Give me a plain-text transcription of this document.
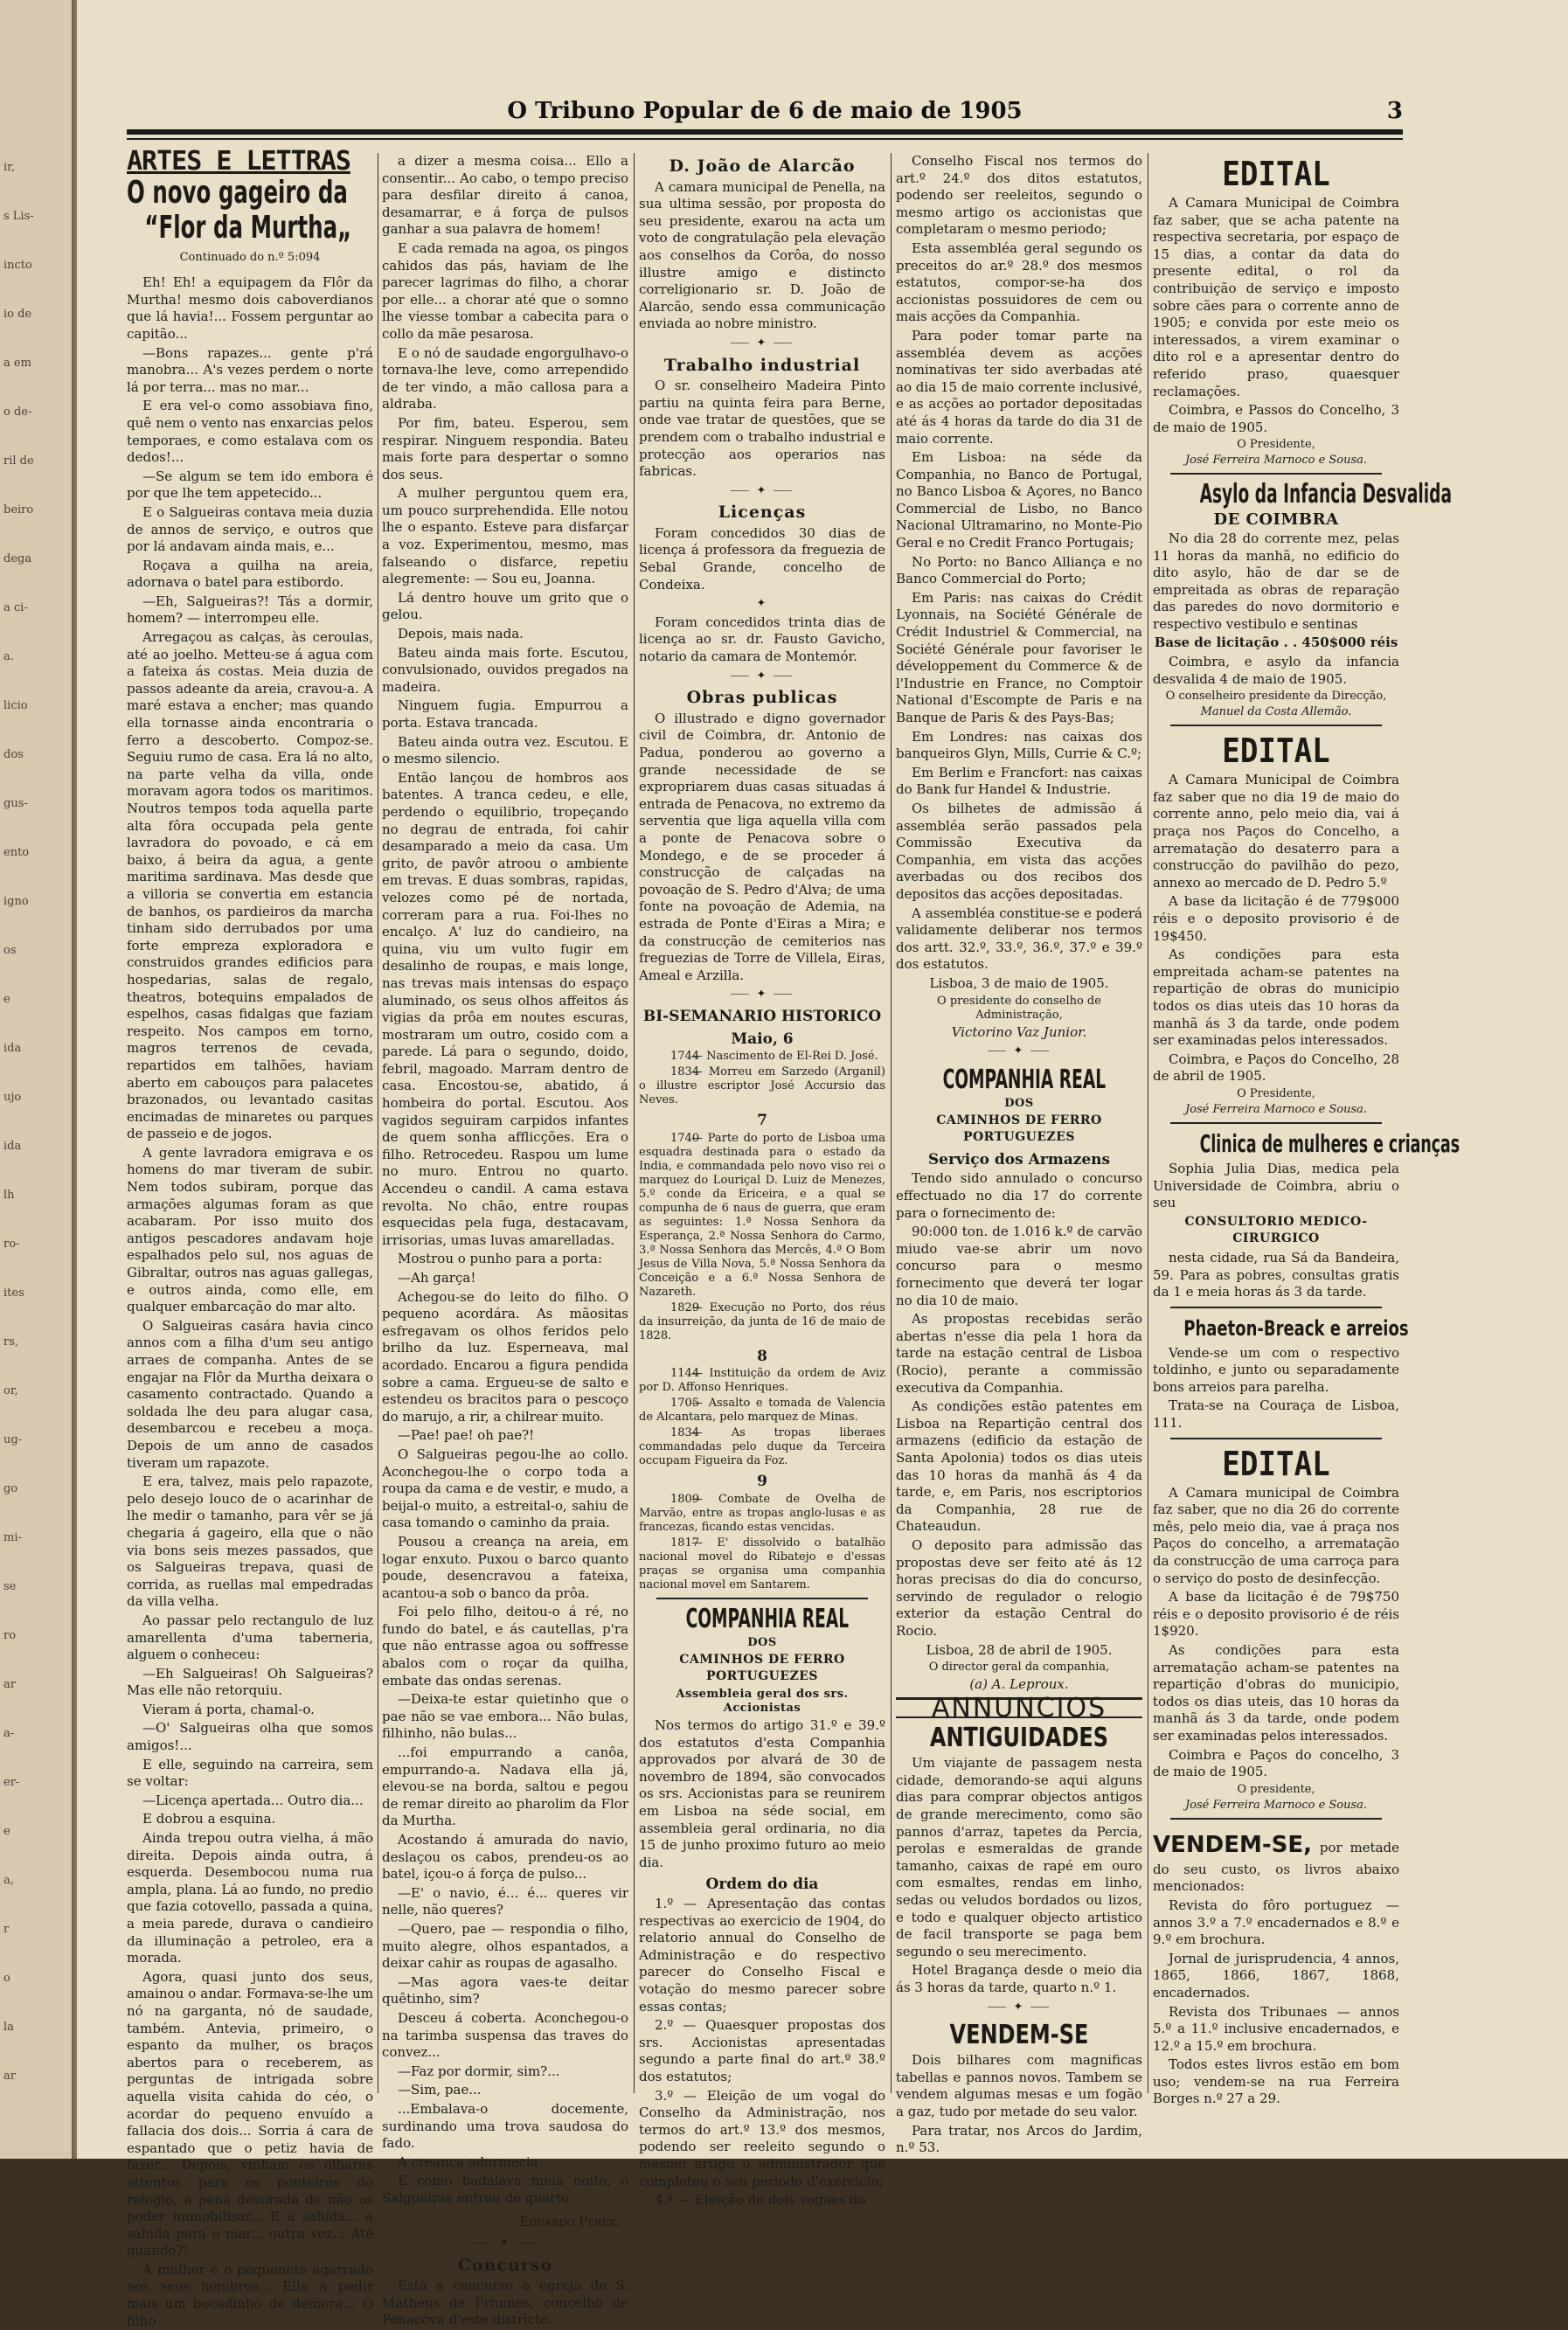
ir,
s Lis-
incto
io de
a em
o de-
ril de
beiro
dega
a ci-
a.
licio
dos
gus-
ento
igno
os
e
ida
ujo
ida
lh
ro-
ites
rs,
or,
ug-
go
mi-
se
ro
ar
a-
er-
e
a,
r
o
la
ar
O Tribuno Popular de 6 de maio de 1905	3
ARTES E LETTRAS
O novo gageiro da
“Flor da Murtha„
Continuado do n.º 5:094

Eh! Eh! a equipagem da Flôr da Murtha! mesmo dois caboverdianos que lá havia!... Fossem perguntar ao capitão...

—Bons rapazes... gente p'rá manobra... A's vezes perdem o norte lá por terra... mas no mar...

E era vel-o como assobiava fino, quê nem o vento nas enxarcias pelos temporaes, e como estalava com os dedos!...

—Se algum se tem ido embora é por que lhe tem appetecido...

E o Salgueiras contava meia duzia de annos de serviço, e outros que por lá andavam ainda mais, e...

Roçava a quilha na areia, adornava o batel para estibordo.

—Eh, Salgueiras?! Tás a dormir, homem? — interrompeu elle.

Arregaçou as calças, às ceroulas, até ao joelho. Metteu-se á agua com a fateixa ás costas. Meia duzia de passos adeante da areia, cravou-a. A maré estava a encher; mas quando ella tornasse ainda encontraria o ferro a descoberto. Compoz-se. Seguiu rumo de casa. Era lá no alto, na parte velha da villa, onde moravam agora todos os maritimos. Noutros tempos toda aquella parte alta fôra occupada pela gente lavradora do povoado, e cá em baixo, á beira da agua, a gente maritima sardinava. Mas desde que a villoria se convertia em estancia de banhos, os pardieiros da marcha tinham sido derrubados por uma forte empreza exploradora e construidos grandes edificios para hospedarias, salas de regalo, theatros, botequins empalados de espelhos, casas fidalgas que faziam respeito. Nos campos em torno, magros terrenos de cevada, repartidos em talhões, haviam aberto em cabouços para palacetes brazonados, ou levantado casitas encimadas de minaretes ou parques de passeio e de jogos.

A gente lavradora emigrava e os homens do mar tiveram de subir. Nem todos subiram, porque das armações algumas foram as que acabaram. Por isso muito dos antigos pescadores andavam hoje espalhados pelo sul, nos aguas de Gibraltar, outros nas aguas gallegas, e outros ainda, como elle, em qualquer embarcação do mar alto.

O Salgueiras casára havia cinco annos com a filha d'um seu antigo arraes de companha. Antes de se engajar na Flôr da Murtha deixara o casamento contractado. Quando a soldada lhe deu para alugar casa, desembarcou e recebeu a moça. Depois de um anno de casados tiveram um rapazote.

E era, talvez, mais pelo rapazote, pelo desejo louco de o acarinhar de lhe medir o tamanho, para vêr se já chegaria á gageiro, ella que o não via bons seis mezes passados, que os Salgueiras trepava, quasi de corrida, as ruellas mal empedradas da villa velha.

Ao passar pelo rectangulo de luz amarellenta d'uma taberneria, alguem o conheceu:

—Eh Salgueiras! Oh Salgueiras? Mas elle não retorquiu.

Vieram á porta, chamal-o.

—O' Salgueiras olha que somos amigos!...

E elle, seguindo na carreira, sem se voltar:

—Licença apertada... Outro dia...

E dobrou a esquina.

Ainda trepou outra vielha, á mão direita. Depois ainda outra, á esquerda. Desembocou numa rua ampla, plana. Lá ao fundo, no predio que fazia cotovello, passada a quina, a meia parede, durava o candieiro da illuminação a petroleo, era a morada.

Agora, quasi junto dos seus, amainou o andar. Formava-se-lhe um nó na garganta, nó de saudade, também. Antevia, primeiro, o espanto da mulher, os braços abertos para o receberem, as perguntas de intrigada sobre aquella visita cahida do céo, o acordar do pequeno envuído a fallacia dos dois... Sorria á cara de espantado que o petiz havia de fazer... Depois, vinham os olhares attentos para os ponteiros do relogio, a pena devorada de não os poder immobilisar... E a sahida... a sahida para o mar... outra vez... Até quando?!

A mulher e o pequenete agarrado aos seus hombros... Ella a pedir mais um bocadinho de demora... O filho

a dizer a mesma coisa... Ello a consentir... Ao cabo, o tempo preciso para desfilar direito á canoa, desamarrar, e á força de pulsos ganhar a sua palavra de homem!

E cada remada na agoa, os pingos cahidos das pás, haviam de lhe parecer lagrimas do filho, a chorar por elle... a chorar até que o somno lhe viesse tombar a cabecita para o collo da mãe pesarosa.

E o nó de saudade engorgulhavo-o tornava-lhe leve, como arrependido de ter vindo, a mão callosa para a aldraba.

Por fim, bateu. Esperou, sem respirar. Ninguem respondia. Bateu mais forte para despertar o somno dos seus.

A mulher perguntou quem era, um pouco surprehendida. Elle notou lhe o espanto. Esteve para disfarçar a voz. Experimentou, mesmo, mas falseando o disfarce, repetiu alegremente: — Sou eu, Joanna.

Lá dentro houve um grito que o gelou.

Depois, mais nada.

Bateu ainda mais forte. Escutou, convulsionado, ouvidos pregados na madeira.

Ninguem fugia. Empurrou a porta. Estava trancada.

Bateu ainda outra vez. Escutou. E o mesmo silencio.

Então lançou de hombros aos batentes. A tranca cedeu, e elle, perdendo o equilibrio, tropeçando no degrau de entrada, foi cahir desamparado a meio da casa. Um grito, de pavôr atroou o ambiente em trevas. E duas sombras, rapidas, velozes como pé de nortada, correram para a rua. Foi-lhes no encalço. A' luz do candieiro, na quina, viu um vulto fugir em desalinho de roupas, e mais longe, nas trevas mais intensas do espaço aluminado, os seus olhos affeitos ás vigias da prôa em noutes escuras, mostraram um outro, cosido com a parede. Lá para o segundo, doido, febril, magoado. Marram dentro de casa. Encostou-se, abatido, á hombeira do portal. Escutou. Aos vagidos seguiram carpidos infantes de quem sonha afflicções. Era o filho. Retrocedeu. Raspou um lume no muro. Entrou no quarto. Accendeu o candil. A cama estava revolta. No chão, entre roupas esquecidas pela fuga, destacavam, irrisorias, umas luvas amarelladas.

Mostrou o punho para a porta:

—Ah garça!

Achegou-se do leito do filho. O pequeno acordára. As mãositas esfregavam os olhos feridos pelo brilho da luz. Esperneava, mal acordado. Encarou a figura pendida sobre a cama. Ergueu-se de salto e estendeu os bracitos para o pescoço do marujo, a rir, a chilrear muito.

—Pae! pae! oh pae?!

O Salgueiras pegou-lhe ao collo. Aconchegou-lhe o corpo toda a roupa da cama e de vestir, e mudo, a beijal-o muito, a estreital-o, sahiu de casa tomando o caminho da praia.

Pousou a creança na areia, em logar enxuto. Puxou o barco quanto poude, desencravou a fateixa, acantou-a sob o banco da prôa.

Foi pelo filho, deitou-o á ré, no fundo do batel, e ás cautellas, p'ra que não entrasse agoa ou soffresse abalos com o roçar da quilha, embate das ondas serenas.

—Deixa-te estar quietinho que o pae não se vae embora... Não bulas, filhinho, não bulas...

...foi empurrando a canôa, empurrando-a. Nadava ella já, elevou-se na borda, saltou e pegou de remar direito ao pharolim da Flor da Murtha.

Acostando á amurada do navio, deslaçou os cabos, prendeu-os ao batel, içou-o á força de pulso...

—E' o navio, é... é... queres vir nelle, não queres?

—Quero, pae — respondia o filho, muito alegre, olhos espantados, a deixar cahir as roupas de agasalho.

—Mas agora vaes-te deitar quêtinho, sim?

Desceu á coberta. Aconchegou-o na tarimba suspensa das traves do convez...

—Faz por dormir, sim?...

—Sim, pae...

...Embalava-o docemente, surdinando uma trova saudosa do fado.

A creança adormecia.

E como badalava meia noite, o Salgueiras entrou de quarto.

Eduardo Perez.
⸺ ✦ ⸺
Concurso

Está a concurso a egreja de S. Matheus de Friumes, concelho de Penacova d'este districto.

D. João de Alarcão

A camara municipal de Penella, na sua ultima sessão, por proposta do seu presidente, exarou na acta um voto de congratulação pela elevação aos conselhos da Corôa, do nosso illustre amigo e distincto correligionario sr. D. João de Alarcão, sendo essa communicação enviada ao nobre ministro.

⸺ ✦ ⸺
Trabalho industrial

O sr. conselheiro Madeira Pinto partiu na quinta feira para Berne, onde vae tratar de questões, que se prendem com o trabalho industrial e protecção aos operarios nas fabricas.

⸺ ✦ ⸺
Licenças

Foram concedidos 30 dias de licença á professora da freguezia de Sebal Grande, concelho de Condeixa.

✦

Foram concedidos trinta dias de licença ao sr. dr. Fausto Gavicho, notario da camara de Montemór.

⸺ ✦ ⸺
Obras publicas

O illustrado e digno governador civil de Coimbra, dr. Antonio de Padua, ponderou ao governo a grande necessidade de se expropriarem duas casas situadas á entrada de Penacova, no extremo da serventia que liga aquella villa com a ponte de Penacova sobre o Mondego, e de se proceder á construcção de calçadas na povoação de S. Pedro d'Alva; de uma fonte na povoação de Ademia, na estrada de Ponte d'Eiras a Mira; e da construcção de cemiterios nas freguezias de Torre de Villela, Eiras, Ameal e Arzilla.

⸺ ✦ ⸺
BI-SEMANARIO HISTORICO
Maio, 6

1744— Nascimento de El-Rei D. José.

1834— Morreu em Sarzedo (Arganil) o illustre escriptor José Accursio das Neves.

7

1740— Parte do porto de Lisboa uma esquadra destinada para o estado da India, e commandada pelo novo viso rei o marquez do Louriçal D. Luiz de Menezes, 5.º conde da Ericeira, e a qual se compunha de 6 naus de guerra, que eram as seguintes: 1.ª Nossa Senhora da Esperança, 2.ª Nossa Senhora do Carmo, 3.ª Nossa Senhora das Mercês, 4.ª O Bom Jesus de Villa Nova, 5.ª Nossa Senhora da Conceição e a 6.ª Nossa Senhora de Nazareth.

1829— Execução no Porto, dos réus da insurreição, da junta de 16 de maio de 1828.

8

1144— Instituição da ordem de Aviz por D. Affonso Henriques.

1705— Assalto e tomada de Valencia de Alcantara, pelo marquez de Minas.

1834— As tropas liberaes commandadas pelo duque da Terceira occupam Figueira da Foz.

9

1809— Combate de Ovelha de Marvão, entre as tropas anglo-lusas e as francezas, ficando estas vencidas.

1817— E' dissolvido o batalhão nacional movel do Ribatejo e d'essas praças se organisa uma companhia nacional movel em Santarem.

COMPANHIA REAL
DOS
CAMINHOS DE FERRO PORTUGUEZES
Assembleia geral dos srs. Accionistas

Nos termos do artigo 31.º e 39.º dos estatutos d'esta Companhia approvados por alvará de 30 de novembro de 1894, são convocados os srs. Accionistas para se reunirem em Lisboa na séde social, em assembleia geral ordinaria, no dia 15 de junho proximo futuro ao meio dia.

Ordem do dia

1.º — Apresentação das contas respectivas ao exercicio de 1904, do relatorio annual do Conselho de Administração e do respectivo parecer do Conselho Fiscal e votação do mesmo parecer sobre essas contas;

2.º — Quaesquer propostas dos srs. Accionistas apresentadas segundo a parte final do art.º 38.º dos estatutos;

3.º — Eleição de um vogal do Conselho da Administração, nos termos do art.º 13.º dos mesmos, podendo ser reeleito segundo o mesmo artigo o administrador que completou o seu periodo d'exercicio;

4.º — Eleição de dois vogaes do

Conselho Fiscal nos termos do art.º 24.º dos ditos estatutos, podendo ser reeleitos, segundo o mesmo artigo os accionistas que completaram o mesmo periodo;

Esta assembléa geral segundo os preceitos do ar.º 28.º dos mesmos estatutos, compor-se-ha dos accionistas possuidores de cem ou mais acções da Companhia.

Para poder tomar parte na assembléa devem as acções nominativas ter sido averbadas até ao dia 15 de maio corrente inclusivé, e as acções ao portador depositadas até ás 4 horas da tarde do dia 31 de maio corrente.

Em Lisboa: na séde da Companhia, no Banco de Portugal, no Banco Lisboa & Açores, no Banco Commercial de Lisbo, no Banco Nacional Ultramarino, no Monte-Pio Geral e no Credit Franco Portugais;

No Porto: no Banco Alliança e no Banco Commercial do Porto;

Em Paris: nas caixas do Crédit Lyonnais, na Société Générale de Crédit Industriel & Commercial, na Société Générale pour favoriser le développement du Commerce & de l'Industrie en France, no Comptoir National d'Escompte de Paris e na Banque de Paris & des Pays-Bas;

Em Londres: nas caixas dos banqueiros Glyn, Mills, Currie & C.º;

Em Berlim e Francfort: nas caixas do Bank fur Handel & Industrie.

Os bilhetes de admissão á assembléa serão passados pela Commissão Executiva da Companhia, em vista das acções averbadas ou dos recibos dos depositos das acções depositadas.

A assembléa constitue-se e poderá validamente deliberar nos termos dos artt. 32.º, 33.º, 36.º, 37.º e 39.º dos estatutos.

Lisboa, 3 de maio de 1905.

O presidente do conselho de Administração,

Victorino Vaz Junior.

⸺ ✦ ⸺
COMPANHIA REAL
DOS
CAMINHOS DE FERRO PORTUGUEZES
Serviço dos Armazens

Tendo sido annulado o concurso effectuado no dia 17 do corrente para o fornecimento de:

90:000 ton. de 1.016 k.º de carvão miudo vae-se abrir um novo concurso para o mesmo fornecimento que deverá ter logar no dia 10 de maio.

As propostas recebidas serão abertas n'esse dia pela 1 hora da tarde na estação central de Lisboa (Rocio), perante a commissão executiva da Companhia.

As condições estão patentes em Lisboa na Repartição central dos armazens (edificio da estação de Santa Apolonia) todos os dias uteis das 10 horas da manhã ás 4 da tarde, e, em Paris, nos escriptorios da Companhia, 28 rue de Chateaudun.

O deposito para admissão das propostas deve ser feito até ás 12 horas precisas do dia do concurso, servindo de regulador o relogio exterior da estação Central do Rocio.

Lisboa, 28 de abril de 1905.

O director geral da companhia,

(a) A. Leproux.

ANNUNCIOS
ANTIGUIDADES

Um viajante de passagem nesta cidade, demorando-se aqui alguns dias para comprar objectos antigos de grande merecimento, como são pannos d'arraz, tapetes da Percia, perolas e esmeraldas de grande tamanho, caixas de rapé em ouro com esmaltes, rendas em linho, sedas ou veludos bordados ou lizos, e todo e qualquer objecto artistico de facil transporte se paga bem segundo o seu merecimento.

Hotel Bragança desde o meio dia ás 3 horas da tarde, quarto n.º 1.

⸺ ✦ ⸺
VENDEM-SE

Dois bilhares com magnificas tabellas e pannos novos. Tambem se vendem algumas mesas e um fogão a gaz, tudo por metade do seu valor.

Para tratar, nos Arcos do Jardim, n.º 53.

EDITAL

A Camara Municipal de Coimbra faz saber, que se acha patente na respectiva secretaria, por espaço de 15 dias, a contar da data do presente edital, o rol da contribuição de serviço e imposto sobre cães para o corrente anno de 1905; e convida por este meio os interessados, a virem examinar o dito rol e a apresentar dentro do referido praso, quaesquer reclamações.

Coimbra, e Passos do Concelho, 3 de maio de 1905.

O Presidente,

José Ferreira Marnoco e Sousa.

Asylo da Infancia Desvalida
DE COIMBRA

No dia 28 do corrente mez, pelas 11 horas da manhã, no edificio do dito asylo, hão de dar se de empreitada as obras de reparação das paredes do novo dormitorio e respectivo vestibulo e sentinas

Base de licitação . . 450$000 réis

Coimbra, e asylo da infancia desvalida 4 de maio de 1905.

O conselheiro presidente da Direcção,

Manuel da Costa Allemão.

EDITAL

A Camara Municipal de Coimbra faz saber que no dia 19 de maio do corrente anno, pelo meio dia, vai á praça nos Paços do Concelho, a arrematação do desaterro para a construcção do pavilhão do pezo, annexo ao mercado de D. Pedro 5.º

A base da licitação é de 779$000 réis e o deposito provisorio é de 19$450.

As condições para esta empreitada acham-se patentes na repartição de obras do municipio todos os dias uteis das 10 horas da manhã ás 3 da tarde, onde podem ser examinadas pelos interessados.

Coimbra, e Paços do Concelho, 28 de abril de 1905.

O Presidente,

José Ferreira Marnoco e Sousa.

Clinica de mulheres e crianças

Sophia Julia Dias, medica pela Universidade de Coimbra, abriu o seu

CONSULTORIO MEDICO-CIRURGICO

nesta cidade, rua Sá da Bandeira, 59. Para as pobres, consultas gratis da 1 e meia horas ás 3 da tarde.

Phaeton-Breack e arreios

Vende-se um com o respectivo toldinho, e junto ou separadamente bons arreios para parelha.

Trata-se na Couraça de Lisboa, 111.

EDITAL

A Camara municipal de Coimbra faz saber, que no dia 26 do corrente mês, pelo meio dia, vae á praça nos Paços do concelho, a arrematação da construcção de uma carroça para o serviço do posto de desinfecção.

A base da licitação é de 79$750 réis e o deposito provisorio é de réis 1$920.

As condições para esta arrematação acham-se patentes na repartição d'obras do municipio, todos os dias uteis, das 10 horas da manhã ás 3 da tarde, onde podem ser examinadas pelos interessados.

Coimbra e Paços do concelho, 3 de maio de 1905.

O presidente,

José Ferreira Marnoco e Sousa.

VENDEM-SE, por metade do seu custo, os livros abaixo mencionados:

Revista do fôro portuguez — annos 3.º a 7.º encadernados e 8.º e 9.º em brochura.

Jornal de jurisprudencia, 4 annos, 1865, 1866, 1867, 1868, encadernados.

Revista dos Tribunaes — annos 5.º a 11.º inclusive encadernados, e 12.º a 15.º em brochura.

Todos estes livros estão em bom uso; vendem-se na rua Ferreira Borges n.º 27 a 29.
